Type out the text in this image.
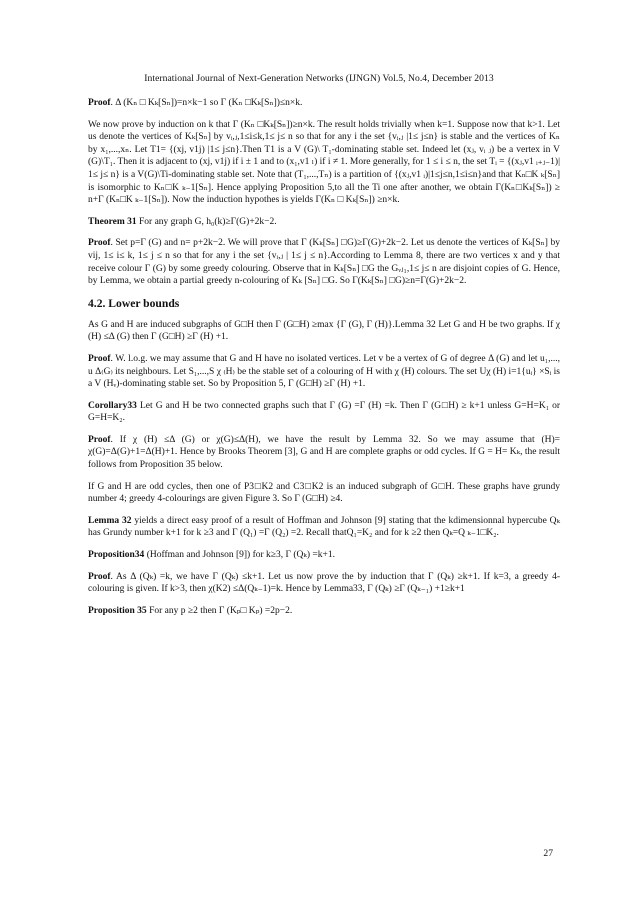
International Journal of Next-Generation Networks (IJNGN) Vol.5, No.4, December 2013

Proof. Δ (Kₙ □ Kₖ[Sₙ])=n×k−1 so Γ (Kₙ □Kₖ[Sₙ])≤n×k.

We now prove by induction on k that Γ (Kₙ □Kₖ[Sₙ])≥n×k. The result holds trivially when k=1. Suppose now that k>1. Let us denote the vertices of Kₖ[Sₙ] by vᵢ,ⱼ,1≤i≤k,1≤ j≤ n so that for any i the set {vᵢ,ⱼ |1≤ j≤n} is stable and the vertices of Kₙ by x₁,...,xₙ. Let T1= {(xj, v1j) |1≤ j≤n}.Then T1 is a V (G)\ T₁-dominating stable set. Indeed let (xⱼ, vᵢ ⱼ) be a vertex in V (G)\T₁. Then it is adjacent to (xj, v1j) if i ± 1 and to (x₁,v1 ₗ) if i ≠ 1. More generally, for 1 ≤ i ≤ n, the set Tᵢ = {(xⱼ,v1 ᵢ₊ⱼ₋1)| 1≤ j≤ n} is a V(G)\Ti-dominating stable set. Note that (T₁,...,Tₙ) is a partition of {(xⱼ,v1 ᵢ)|1≤j≤n,1≤i≤n}and that Kₙ□K ₖ[Sₙ] is isomorphic to Kₙ□K ₖ₋1[Sₙ]. Hence applying Proposition 5,to all the Ti one after another, we obtain Γ(Kₙ□Kₖ[Sₙ]) ≥ n+Γ (Kₙ□K ₖ₋1[Sₙ]). Now the induction hypothes is yields Γ(Kₙ □ Kₖ[Sₙ]) ≥n×k.

Theorem 31 For any graph G, h₀(k)≥Γ(G)+2k−2.

Proof. Set p=Γ (G) and n= p+2k−2. We will prove that Γ (Kₖ[Sₙ] □G)≥Γ(G)+2k−2. Let us denote the vertices of Kₖ[Sₙ] by vij, 1≤ i≤ k, 1≤ j ≤ n so that for any i the set {vᵢ,ⱼ | 1≤ j ≤ n}.According to Lemma 8, there are two vertices x and y that receive colour Γ (G) by some greedy colouring. Observe that in Kₖ[Sₙ] □G the Gᵥⱼ₁,1≤ j≤ n are disjoint copies of G. Hence, by Lemma, we obtain a partial greedy n-colouring of Kₖ [Sₙ] □G. So Γ(Kₖ[Sₙ] □G)≥n=Γ(G)+2k−2.

4.2. Lower bounds

As G and H are induced subgraphs of G□H then Γ (G□H) ≥max {Γ (G), Γ (H)}.Lemma 32 Let G and H be two graphs. If χ (H) ≤Δ (G) then Γ (G□H) ≥Γ (H) +1.

Proof. W. l.o.g. we may assume that G and H have no isolated vertices. Let v be a vertex of G of degree Δ (G) and let u₁,..., u Δ₍G₎ its neighbours. Let S₁,...,S χ ₍H₎ be the stable set of a colouring of H with χ (H) colours. The set U⁠χ (H) i=1{uᵢ} ×Sᵢ is a V (Hᵥ)-dominating stable set. So by Proposition 5, Γ (G□H) ≥Γ (H) +1.

Corollary33 Let G and H be two connected graphs such that Γ (G) =Γ (H) =k. Then Γ (G□H) ≥ k+1 unless G=H=K₁ or G=H=K₂.

Proof. If χ (H) ≤Δ (G) or χ(G)≤Δ(H), we have the result by Lemma 32. So we may assume that (H)= χ(G)=Δ(G)+1=Δ(H)+1. Hence by Brooks Theorem [3], G and H are complete graphs or odd cycles. If G = H= Kₖ, the result follows from Proposition 35 below.

If G and H are odd cycles, then one of P3□K2 and C3□K2 is an induced subgraph of G□H. These graphs have grundy number 4; greedy 4-colourings are given Figure 3. So Γ (G□H) ≥4.

Lemma 32 yields a direct easy proof of a result of Hoffman and Johnson [9] stating that the kdimensionnal hypercube Qₖ has Grundy number k+1 for k ≥3 and Γ (Q₁) =Γ (Q₂) =2. Recall thatQ₁=K₂ and for k ≥2 then Qₖ=Q ₖ₋1□K₂.

Proposition34 (Hoffman and Johnson [9]) for k≥3, Γ (Qₖ) =k+1.

Proof. As Δ (Qₖ) =k, we have Γ (Qₖ) ≤k+1. Let us now prove the by induction that Γ (Qₖ) ≥k+1. If k=3, a greedy 4-colouring is given. If k>3, then χ(K2) ≤Δ(Qₖ₋1)=k. Hence by Lemma33, Γ (Qₖ) ≥Γ (Qₖ₋₁) +1≥k+1

Proposition 35 For any p ≥2 then Γ (Kₚ□ Kₚ) =2p−2.

27
